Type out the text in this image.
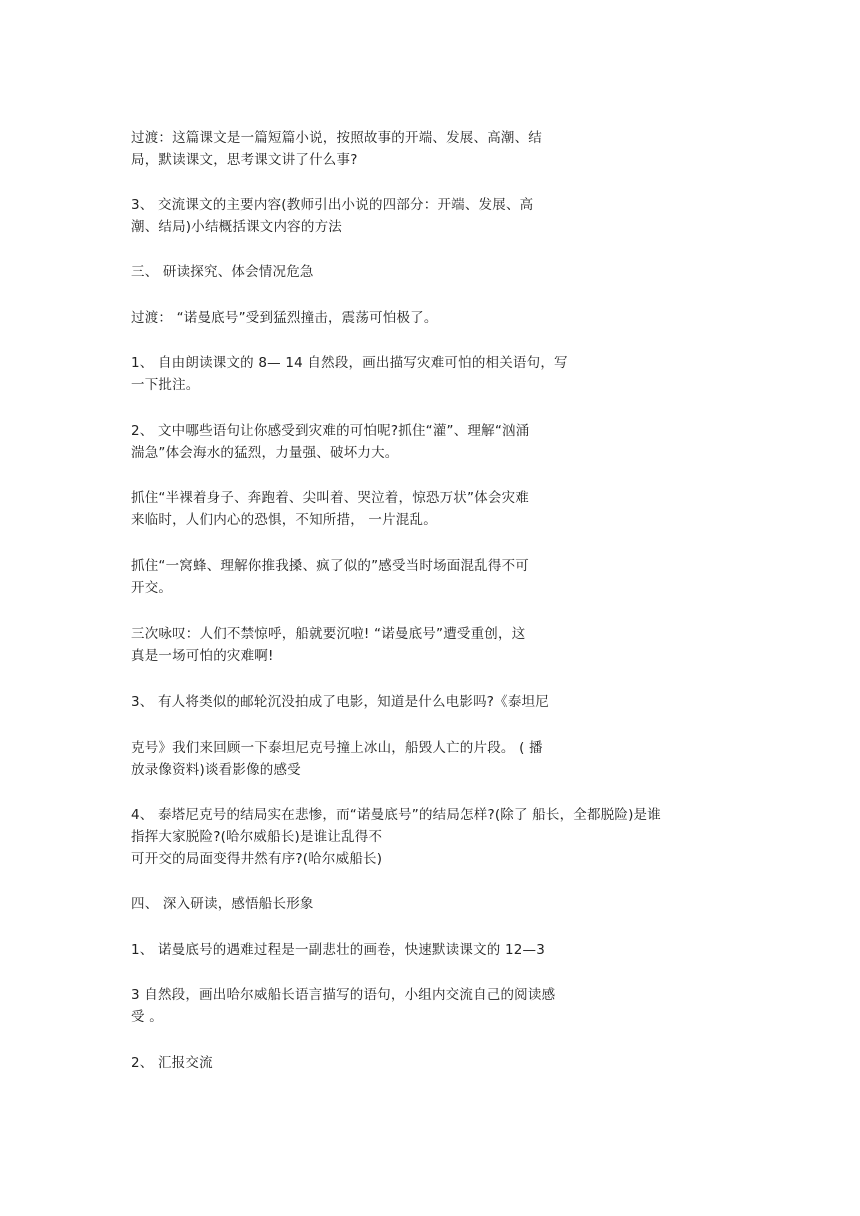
过渡：这篇课文是一篇短篇小说，按照故事的开端、发展、高潮、结
局，默读课文，思考课文讲了什么事?
3、 交流课文的主要内容(教师引出小说的四部分：开端、发展、高
潮、结局)小结概括课文内容的方法
三、 研读探究、体会情况危急
过渡： “诺曼底号”受到猛烈撞击，震荡可怕极了。
1、 自由朗读课文的 8— 14 自然段，画出描写灾难可怕的相关语句，写
一下批注。
2、 文中哪些语句让你感受到灾难的可怕呢?抓住“灌”、理解“汹涌
湍急”体会海水的猛烈，力量强、破坏力大。
抓住“半裸着身子、奔跑着、尖叫着、哭泣着，惊恐万状”体会灾难
来临时，人们内心的恐惧，不知所措， 一片混乱。
抓住“一窝蜂、理解你推我搡、疯了似的”感受当时场面混乱得不可
开交。
三次咏叹：人们不禁惊呼，船就要沉啦! “诺曼底号”遭受重创，这
真是一场可怕的灾难啊!
3、 有人将类似的邮轮沉没拍成了电影，知道是什么电影吗?《泰坦尼
克号》我们来回顾一下泰坦尼克号撞上冰山，船毁人亡的片段。 ( 播
放录像资料)谈看影像的感受
4、 泰塔尼克号的结局实在悲惨，而“诺曼底号”的结局怎样?(除了 船长，全都脱险)是谁
指挥大家脱险?(哈尔威船长)是谁让乱得不
可开交的局面变得井然有序?(哈尔威船长)
四、 深入研读，感悟船长形象
1、 诺曼底号的遇难过程是一副悲壮的画卷，快速默读课文的 12—3
3 自然段，画出哈尔威船长语言描写的语句，小组内交流自己的阅读感
受 。
2、 汇报交流
